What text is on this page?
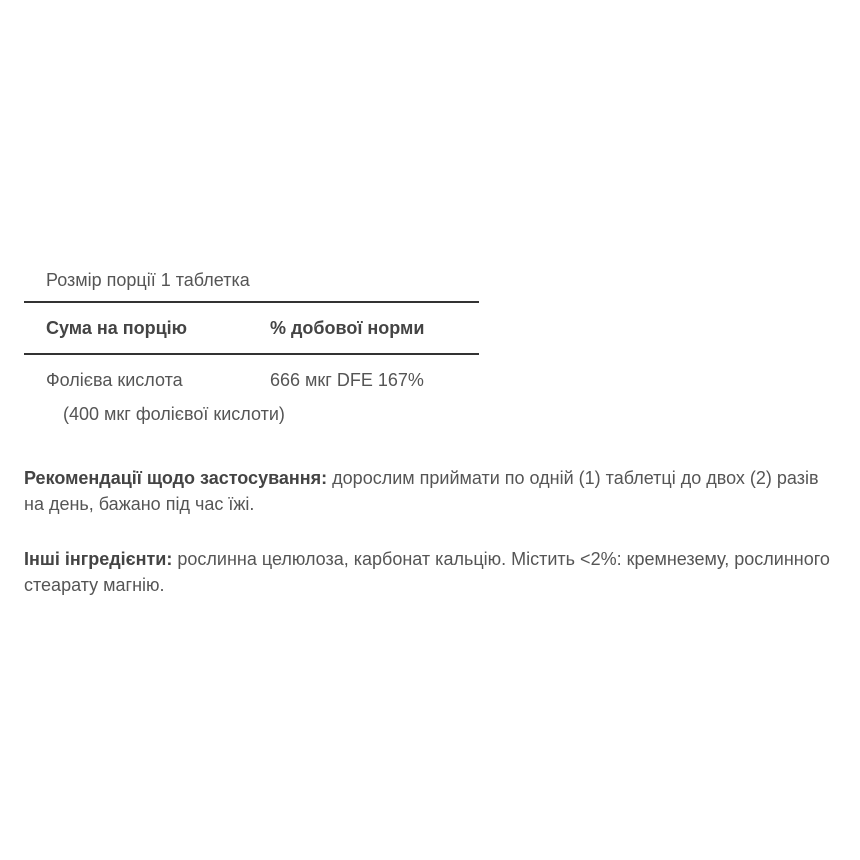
Розмір порції 1 таблетка
Сума на порцію	% добової норми
Фолієва кислота	666 мкг DFE 167%
(400 мкг фолієвої кислоти)

Рекомендації щодо застосування: дорослим приймати по одній (1) таблетці до двох (2) разів на день, бажано під час їжі.

Інші інгредієнти: рослинна целюлоза, карбонат кальцію. Містить <2%: кремнезему, рослинного стеарату магнію.
